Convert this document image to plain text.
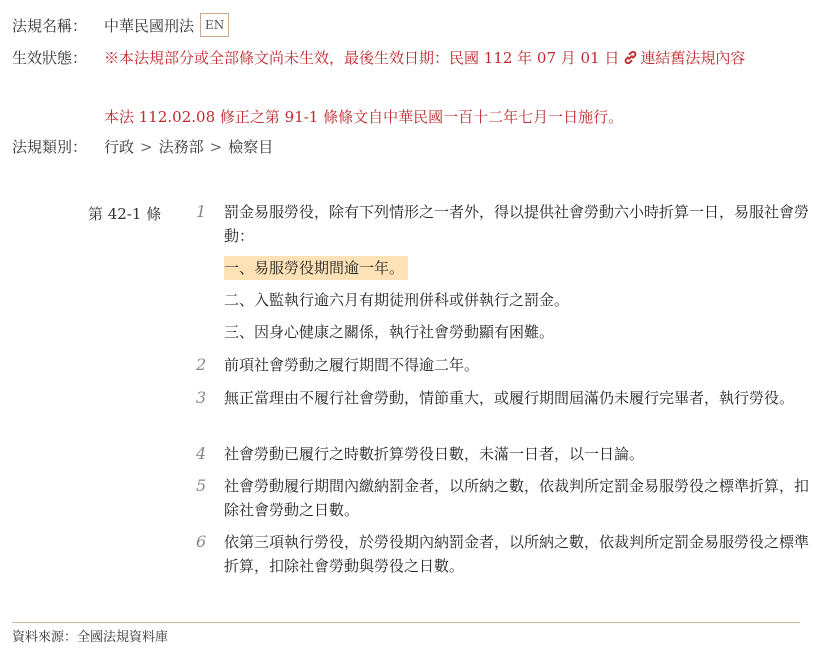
法規名稱：	中華民國刑法 EN
生效狀態：	※本法規部分或全部條文尚未生效，最後生效日期：民國 112 年 07 月 01 日 連結舊法規內容
本法 112.02.08 修正之第 91-1 條條文自中華民國一百十二年七月一日施行。
法規類別：	行政 > 法務部 > 檢察目
第 42-1 條 1	罰金易服勞役，除有下列情形之一者外，得以提供社會勞動六小時折算一日，易服社會勞動：
一、易服勞役期間逾一年。
二、入監執行逾六月有期徒刑併科或併執行之罰金。
三、因身心健康之關係，執行社會勞動顯有困難。
2	前項社會勞動之履行期間不得逾二年。
3	無正當理由不履行社會勞動，情節重大，或履行期間屆滿仍未履行完畢者，執行勞役。
4	社會勞動已履行之時數折算勞役日數，未滿一日者，以一日論。
5	社會勞動履行期間內繳納罰金者，以所納之數，依裁判所定罰金易服勞役之標準折算，扣除社會勞動之日數。
6	依第三項執行勞役，於勞役期內納罰金者，以所納之數，依裁判所定罰金易服勞役之標準折算，扣除社會勞動與勞役之日數。
資料來源：全國法規資料庫
